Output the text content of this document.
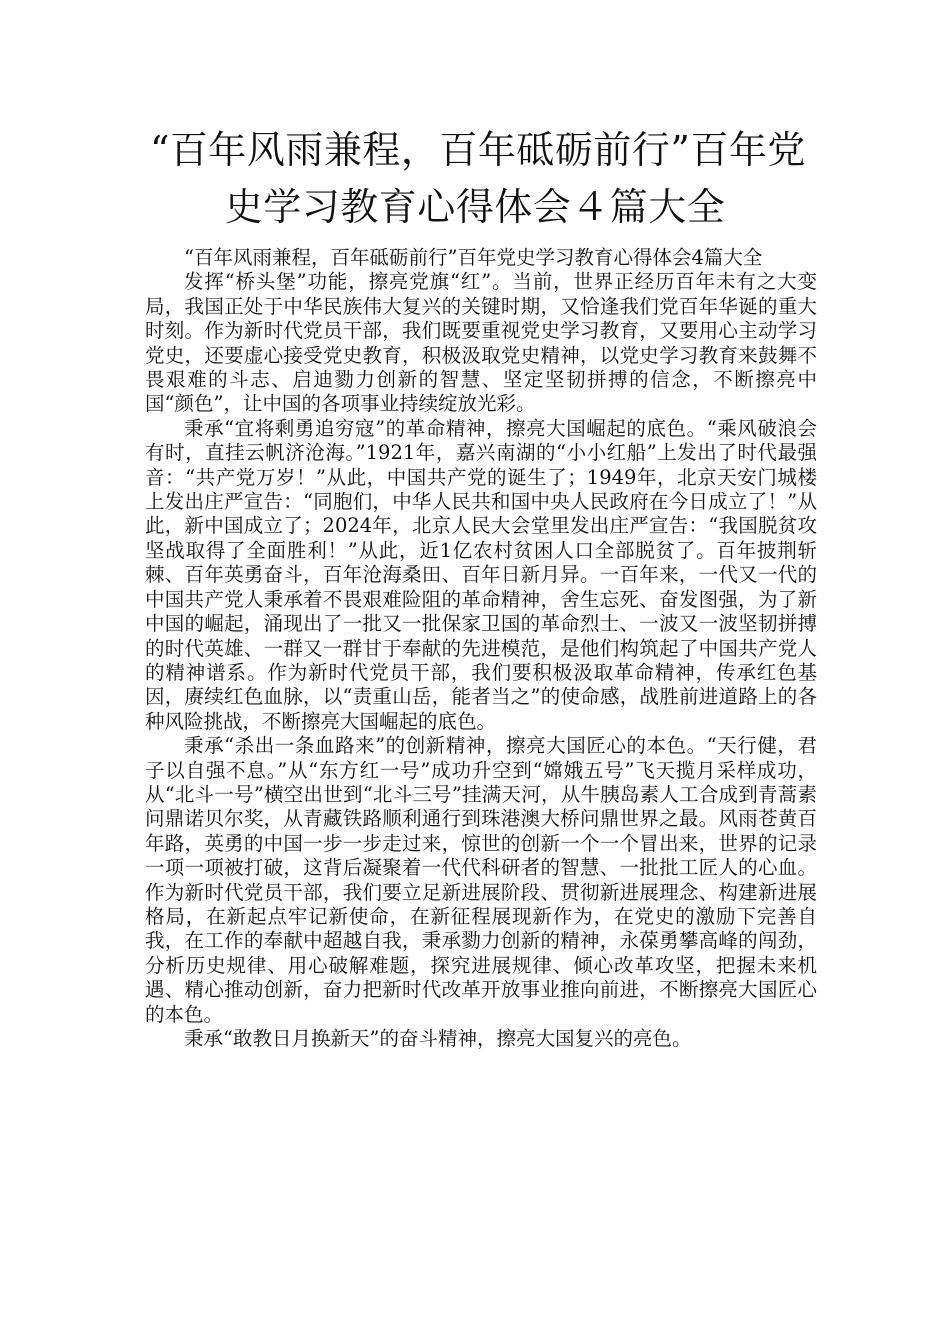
“百年风雨兼程，百年砥砺前行”百年党
史学习教育心得体会４篇大全

“百年风雨兼程，百年砥砺前行”百年党史学习教育心得体会4篇大全

发挥“桥头堡”功能，擦亮党旗“红”。当前，世界正经历百年未有之大变局，我国正处于中华民族伟大复兴的关键时期，又恰逢我们党百年华诞的重大时刻。作为新时代党员干部，我们既要重视党史学习教育，又要用心主动学习党史，还要虚心接受党史教育，积极汲取党史精神，以党史学习教育来鼓舞不畏艰难的斗志、启迪勠力创新的智慧、坚定坚韧拼搏的信念，不断擦亮中国“颜色”，让中国的各项事业持续绽放光彩。

秉承“宜将剩勇追穷寇”的革命精神，擦亮大国崛起的底色。“乘风破浪会有时，直挂云帆济沧海。”1921年，嘉兴南湖的“小小红船”上发出了时代最强音：“共产党万岁！”从此，中国共产党的诞生了；1949年，北京天安门城楼上发出庄严宣告：“同胞们，中华人民共和国中央人民政府在今日成立了！”从此，新中国成立了；2024年，北京人民大会堂里发出庄严宣告：“我国脱贫攻坚战取得了全面胜利！”从此，近1亿农村贫困人口全部脱贫了。百年披荆斩棘、百年英勇奋斗，百年沧海桑田、百年日新月异。一百年来，一代又一代的中国共产党人秉承着不畏艰难险阻的革命精神，舍生忘死、奋发图强，为了新中国的崛起，涌现出了一批又一批保家卫国的革命烈士、一波又一波坚韧拼搏的时代英雄、一群又一群甘于奉献的先进模范，是他们构筑起了中国共产党人的精神谱系。作为新时代党员干部，我们要积极汲取革命精神，传承红色基因，赓续红色血脉，以“责重山岳，能者当之”的使命感，战胜前进道路上的各种风险挑战，不断擦亮大国崛起的底色。

秉承“杀出一条血路来”的创新精神，擦亮大国匠心的本色。“天行健，君子以自强不息。”从“东方红一号”成功升空到“嫦娥五号”飞天揽月采样成功，从“北斗一号”横空出世到“北斗三号”挂满天河，从牛胰岛素人工合成到青蒿素问鼎诺贝尔奖，从青藏铁路顺利通行到珠港澳大桥问鼎世界之最。风雨苍黄百年路，英勇的中国一步一步走过来，惊世的创新一个一个冒出来，世界的记录一项一项被打破，这背后凝聚着一代代科研者的智慧、一批批工匠人的心血。作为新时代党员干部，我们要立足新进展阶段、贯彻新进展理念、构建新进展格局，在新起点牢记新使命，在新征程展现新作为，在党史的激励下完善自我，在工作的奉献中超越自我，秉承勠力创新的精神，永葆勇攀高峰的闯劲，分析历史规律、用心破解难题，探究进展规律、倾心改革攻坚，把握未来机遇、精心推动创新，奋力把新时代改革开放事业推向前进，不断擦亮大国匠心的本色。

秉承“敢教日月换新天”的奋斗精神，擦亮大国复兴的亮色。
